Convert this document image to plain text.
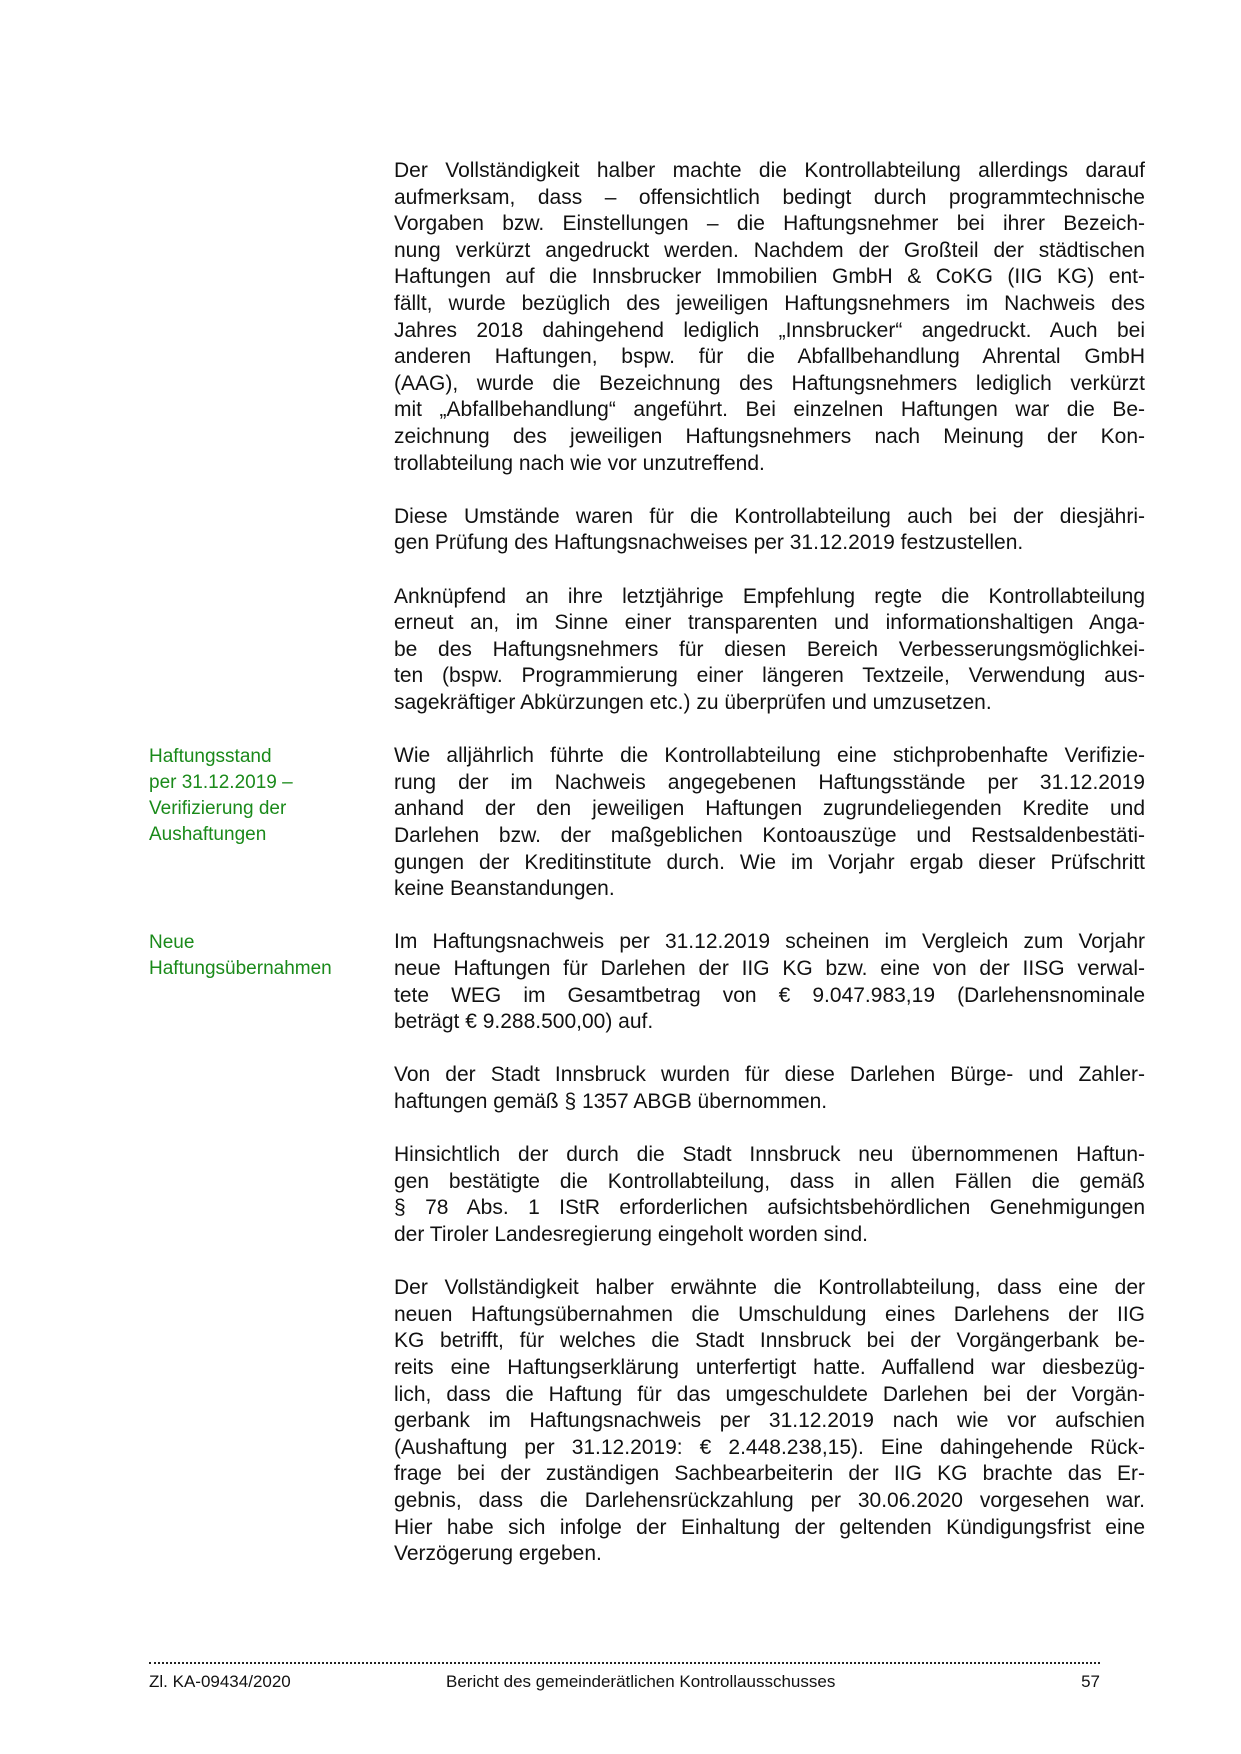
Der Vollständigkeit halber machte die Kontrollabteilung allerdings darauf
aufmerksam, dass – offensichtlich bedingt durch programmtechnische
Vorgaben bzw. Einstellungen – die Haftungsnehmer bei ihrer Bezeich-
nung verkürzt angedruckt werden. Nachdem der Großteil der städtischen
Haftungen auf die Innsbrucker Immobilien GmbH & CoKG (IIG KG) ent-
fällt, wurde bezüglich des jeweiligen Haftungsnehmers im Nachweis des
Jahres 2018 dahingehend lediglich „Innsbrucker“ angedruckt. Auch bei
anderen Haftungen, bspw. für die Abfallbehandlung Ahrental GmbH
(AAG), wurde die Bezeichnung des Haftungsnehmers lediglich verkürzt
mit „Abfallbehandlung“ angeführt. Bei einzelnen Haftungen war die Be-
zeichnung des jeweiligen Haftungsnehmers nach Meinung der Kon-
trollabteilung nach wie vor unzutreffend.
Diese Umstände waren für die Kontrollabteilung auch bei der diesjähri-
gen Prüfung des Haftungsnachweises per 31.12.2019 festzustellen.
Anknüpfend an ihre letztjährige Empfehlung regte die Kontrollabteilung
erneut an, im Sinne einer transparenten und informationshaltigen Anga-
be des Haftungsnehmers für diesen Bereich Verbesserungsmöglichkei-
ten (bspw. Programmierung einer längeren Textzeile, Verwendung aus-
sagekräftiger Abkürzungen etc.) zu überprüfen und umzusetzen.
Wie alljährlich führte die Kontrollabteilung eine stichprobenhafte Verifizie-
rung der im Nachweis angegebenen Haftungsstände per 31.12.2019
anhand der den jeweiligen Haftungen zugrundeliegenden Kredite und
Darlehen bzw. der maßgeblichen Kontoauszüge und Restsaldenbestäti-
gungen der Kreditinstitute durch. Wie im Vorjahr ergab dieser Prüfschritt
keine Beanstandungen.
Haftungsstand
per 31.12.2019 –
Verifizierung der
Aushaftungen
Im Haftungsnachweis per 31.12.2019 scheinen im Vergleich zum Vorjahr
neue Haftungen für Darlehen der IIG KG bzw. eine von der IISG verwal-
tete WEG im Gesamtbetrag von € 9.047.983,19 (Darlehensnominale
beträgt € 9.288.500,00) auf.
Neue
Haftungsübernahmen
Von der Stadt Innsbruck wurden für diese Darlehen Bürge- und Zahler-
haftungen gemäß § 1357 ABGB übernommen.
Hinsichtlich der durch die Stadt Innsbruck neu übernommenen Haftun-
gen bestätigte die Kontrollabteilung, dass in allen Fällen die gemäß
§ 78 Abs. 1 IStR erforderlichen aufsichtsbehördlichen Genehmigungen
der Tiroler Landesregierung eingeholt worden sind.
Der Vollständigkeit halber erwähnte die Kontrollabteilung, dass eine der
neuen Haftungsübernahmen die Umschuldung eines Darlehens der IIG
KG betrifft, für welches die Stadt Innsbruck bei der Vorgängerbank be-
reits eine Haftungserklärung unterfertigt hatte. Auffallend war diesbezüg-
lich, dass die Haftung für das umgeschuldete Darlehen bei der Vorgän-
gerbank im Haftungsnachweis per 31.12.2019 nach wie vor aufschien
(Aushaftung per 31.12.2019: € 2.448.238,15). Eine dahingehende Rück-
frage bei der zuständigen Sachbearbeiterin der IIG KG brachte das Er-
gebnis, dass die Darlehensrückzahlung per 30.06.2020 vorgesehen war.
Hier habe sich infolge der Einhaltung der geltenden Kündigungsfrist eine
Verzögerung ergeben.
Zl. KA-09434/2020	Bericht des gemeinderätlichen Kontrollausschusses	57
